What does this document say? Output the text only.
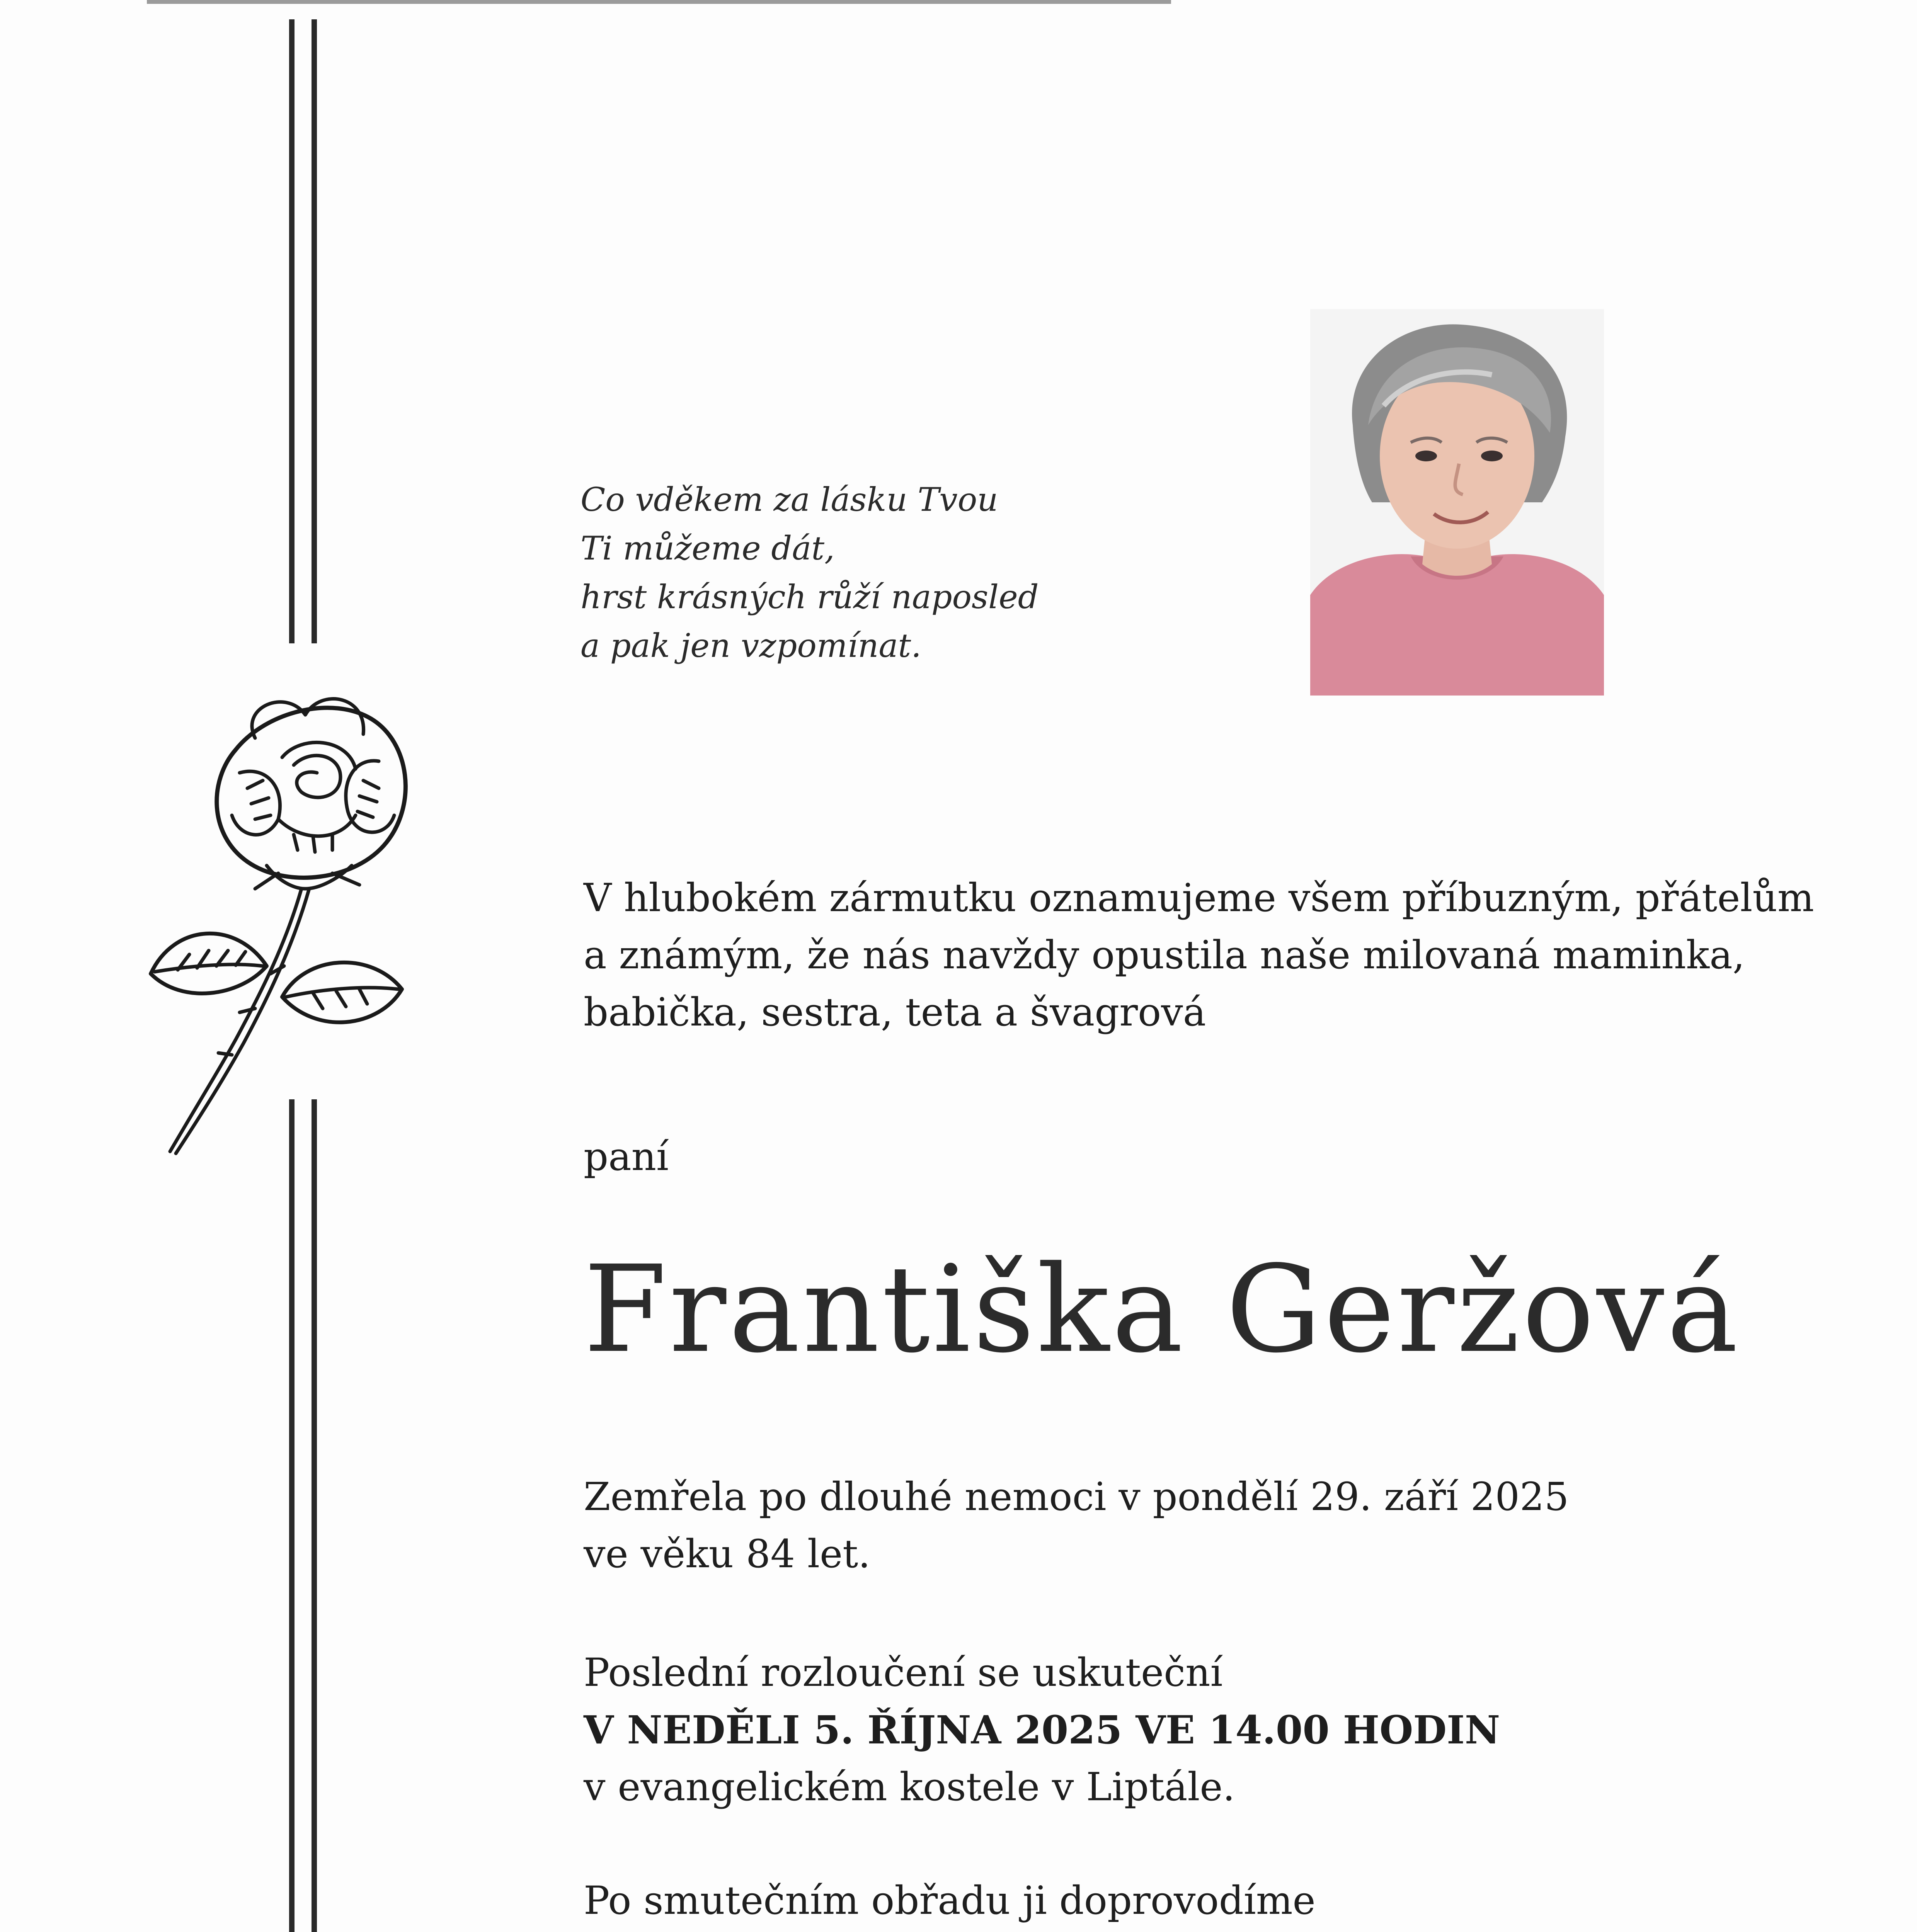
Co vděkem za lásku Tvou
Ti můžeme dát,
hrst krásných růží naposled
a pak jen vzpomínat.
V hlubokém zármutku oznamujeme všem příbuzným, přátelům
a známým, že nás navždy opustila naše milovaná maminka,
babička, sestra, teta a švagrová
paní
Františka Geržová
Zemřela po dlouhé nemoci v pondělí 29. září 2025
ve věku 84 let.
Poslední rozloučení se uskuteční
V NEDĚLI 5. ŘÍJNA 2025 VE 14.00 HODIN
v evangelickém kostele v Liptále.
Po smutečním obřadu ji doprovodíme
